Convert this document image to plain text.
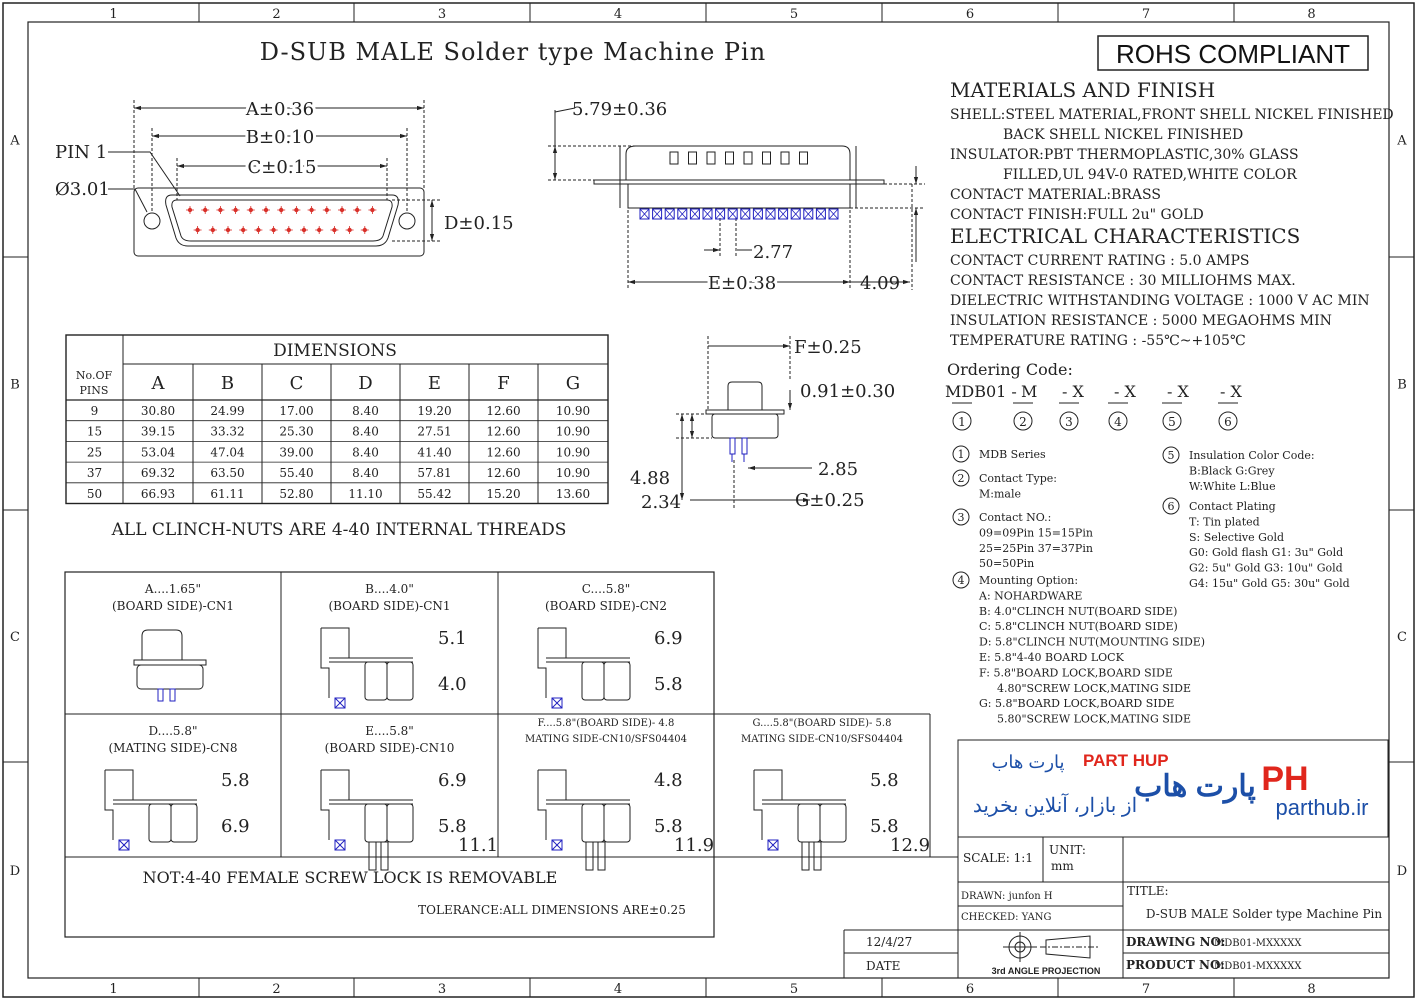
1
1
2
2
3
3
4
4
5
5
6
6
7
7
8
8
A	A
B	B
C	C
D	D
D-SUB MALE Solder type Machine Pin	ROHS COMPLIANT
A±0.36
B±0.10
C±0.15
D±0.15
PIN 1
Ø3.01
5.79±0.36
2.77
E±0.38	4.09
F±0.25
0.91±0.30
2.85
4.88
2.34	G±0.25
DIMENSIONS
No.OF
PINS A	B	C	D	E	F	G
9	30.80	24.99	17.00	8.40	19.20	12.60	10.90
15	39.15	33.32	25.30	8.40	27.51	12.60	10.90
25	53.04	47.04	39.00	8.40	41.40	12.60	10.90
37	69.32	63.50	55.40	8.40	57.81	12.60	10.90
50	66.93	61.11	52.80	11.10	55.42	15.20	13.60
ALL CLINCH-NUTS ARE 4-40 INTERNAL THREADS
MATERIALS AND FINISH
SHELL:STEEL MATERIAL,FRONT SHELL NICKEL FINISHED
BACK SHELL NICKEL FINISHED
INSULATOR:PBT THERMOPLASTIC,30% GLASS
FILLED,UL 94V-0 RATED,WHITE COLOR
CONTACT MATERIAL:BRASS
CONTACT FINISH:FULL 2u" GOLD
ELECTRICAL CHARACTERISTICS
CONTACT CURRENT RATING : 5.0 AMPS
CONTACT RESISTANCE : 30 MILLIOHMS MAX.
DIELECTRIC WITHSTANDING VOLTAGE : 1000 V AC MIN
INSULATION RESISTANCE : 5000 MEGAOHMS MIN
TEMPERATURE RATING : -55℃~+105℃
Ordering Code:
MDB01 - M - X - X - X - X
1	2	3	4	5	6
1 MDB Series
2 Contact Type:
M:male
3 Contact NO.:
09=09Pin 15=15Pin
25=25Pin 37=37Pin
50=50Pin
4 Mounting Option:
A: NOHARDWARE
B: 4.0"CLINCH NUT(BOARD SIDE)
C: 5.8"CLINCH NUT(BOARD SIDE)
D: 5.8"CLINCH NUT(MOUNTING SIDE)
E: 5.8"4-40 BOARD LOCK
F: 5.8"BOARD LOCK,BOARD SIDE
4.80"SCREW LOCK,MATING SIDE
G: 5.8"BOARD LOCK,BOARD SIDE
5.80"SCREW LOCK,MATING SIDE
5 Insulation Color Code:
B:Black G:Grey
W:White L:Blue
6 Contact Plating
T: Tin plated
S: Selective Gold
G0: Gold flash G1: 3u" Gold
G2: 5u" Gold G3: 10u" Gold
G4: 15u" Gold G5: 30u" Gold
A....1.65"
(BOARD SIDE)-CN1
B....4.0"
(BOARD SIDE)-CN1
5.1
4.0
C....5.8"
(BOARD SIDE)-CN2
6.9
5.8
D....5.8"
(MATING SIDE)-CN8
5.8
6.9
E....5.8"
(BOARD SIDE)-CN10
6.9
5.8
11.1
F....5.8"(BOARD SIDE)- 4.8
MATING SIDE-CN10/SFS04404
4.8
5.8
11.9
G....5.8"(BOARD SIDE)- 5.8
MATING SIDE-CN10/SFS04404
5.8
5.8
12.9
NOT:4-40 FEMALE SCREW LOCK IS REMOVABLE
TOLERANCE:ALL DIMENSIONS ARE±0.25
PART HUP
پارت هاب
از بازار، آنلاین بخرید
پارت هاب PH
parthub.ir
SCALE: 1:1
UNIT:
mm
DRAWN: junfon H
CHECKED: YANG
TITLE:
D-SUB MALE Solder type Machine Pin
12/4/27
DATE	3rd ANGLE PROJECTION
DRAWING NO:
MDB01-MXXXXX
PRODUCT NO:
MDB01-MXXXXX
